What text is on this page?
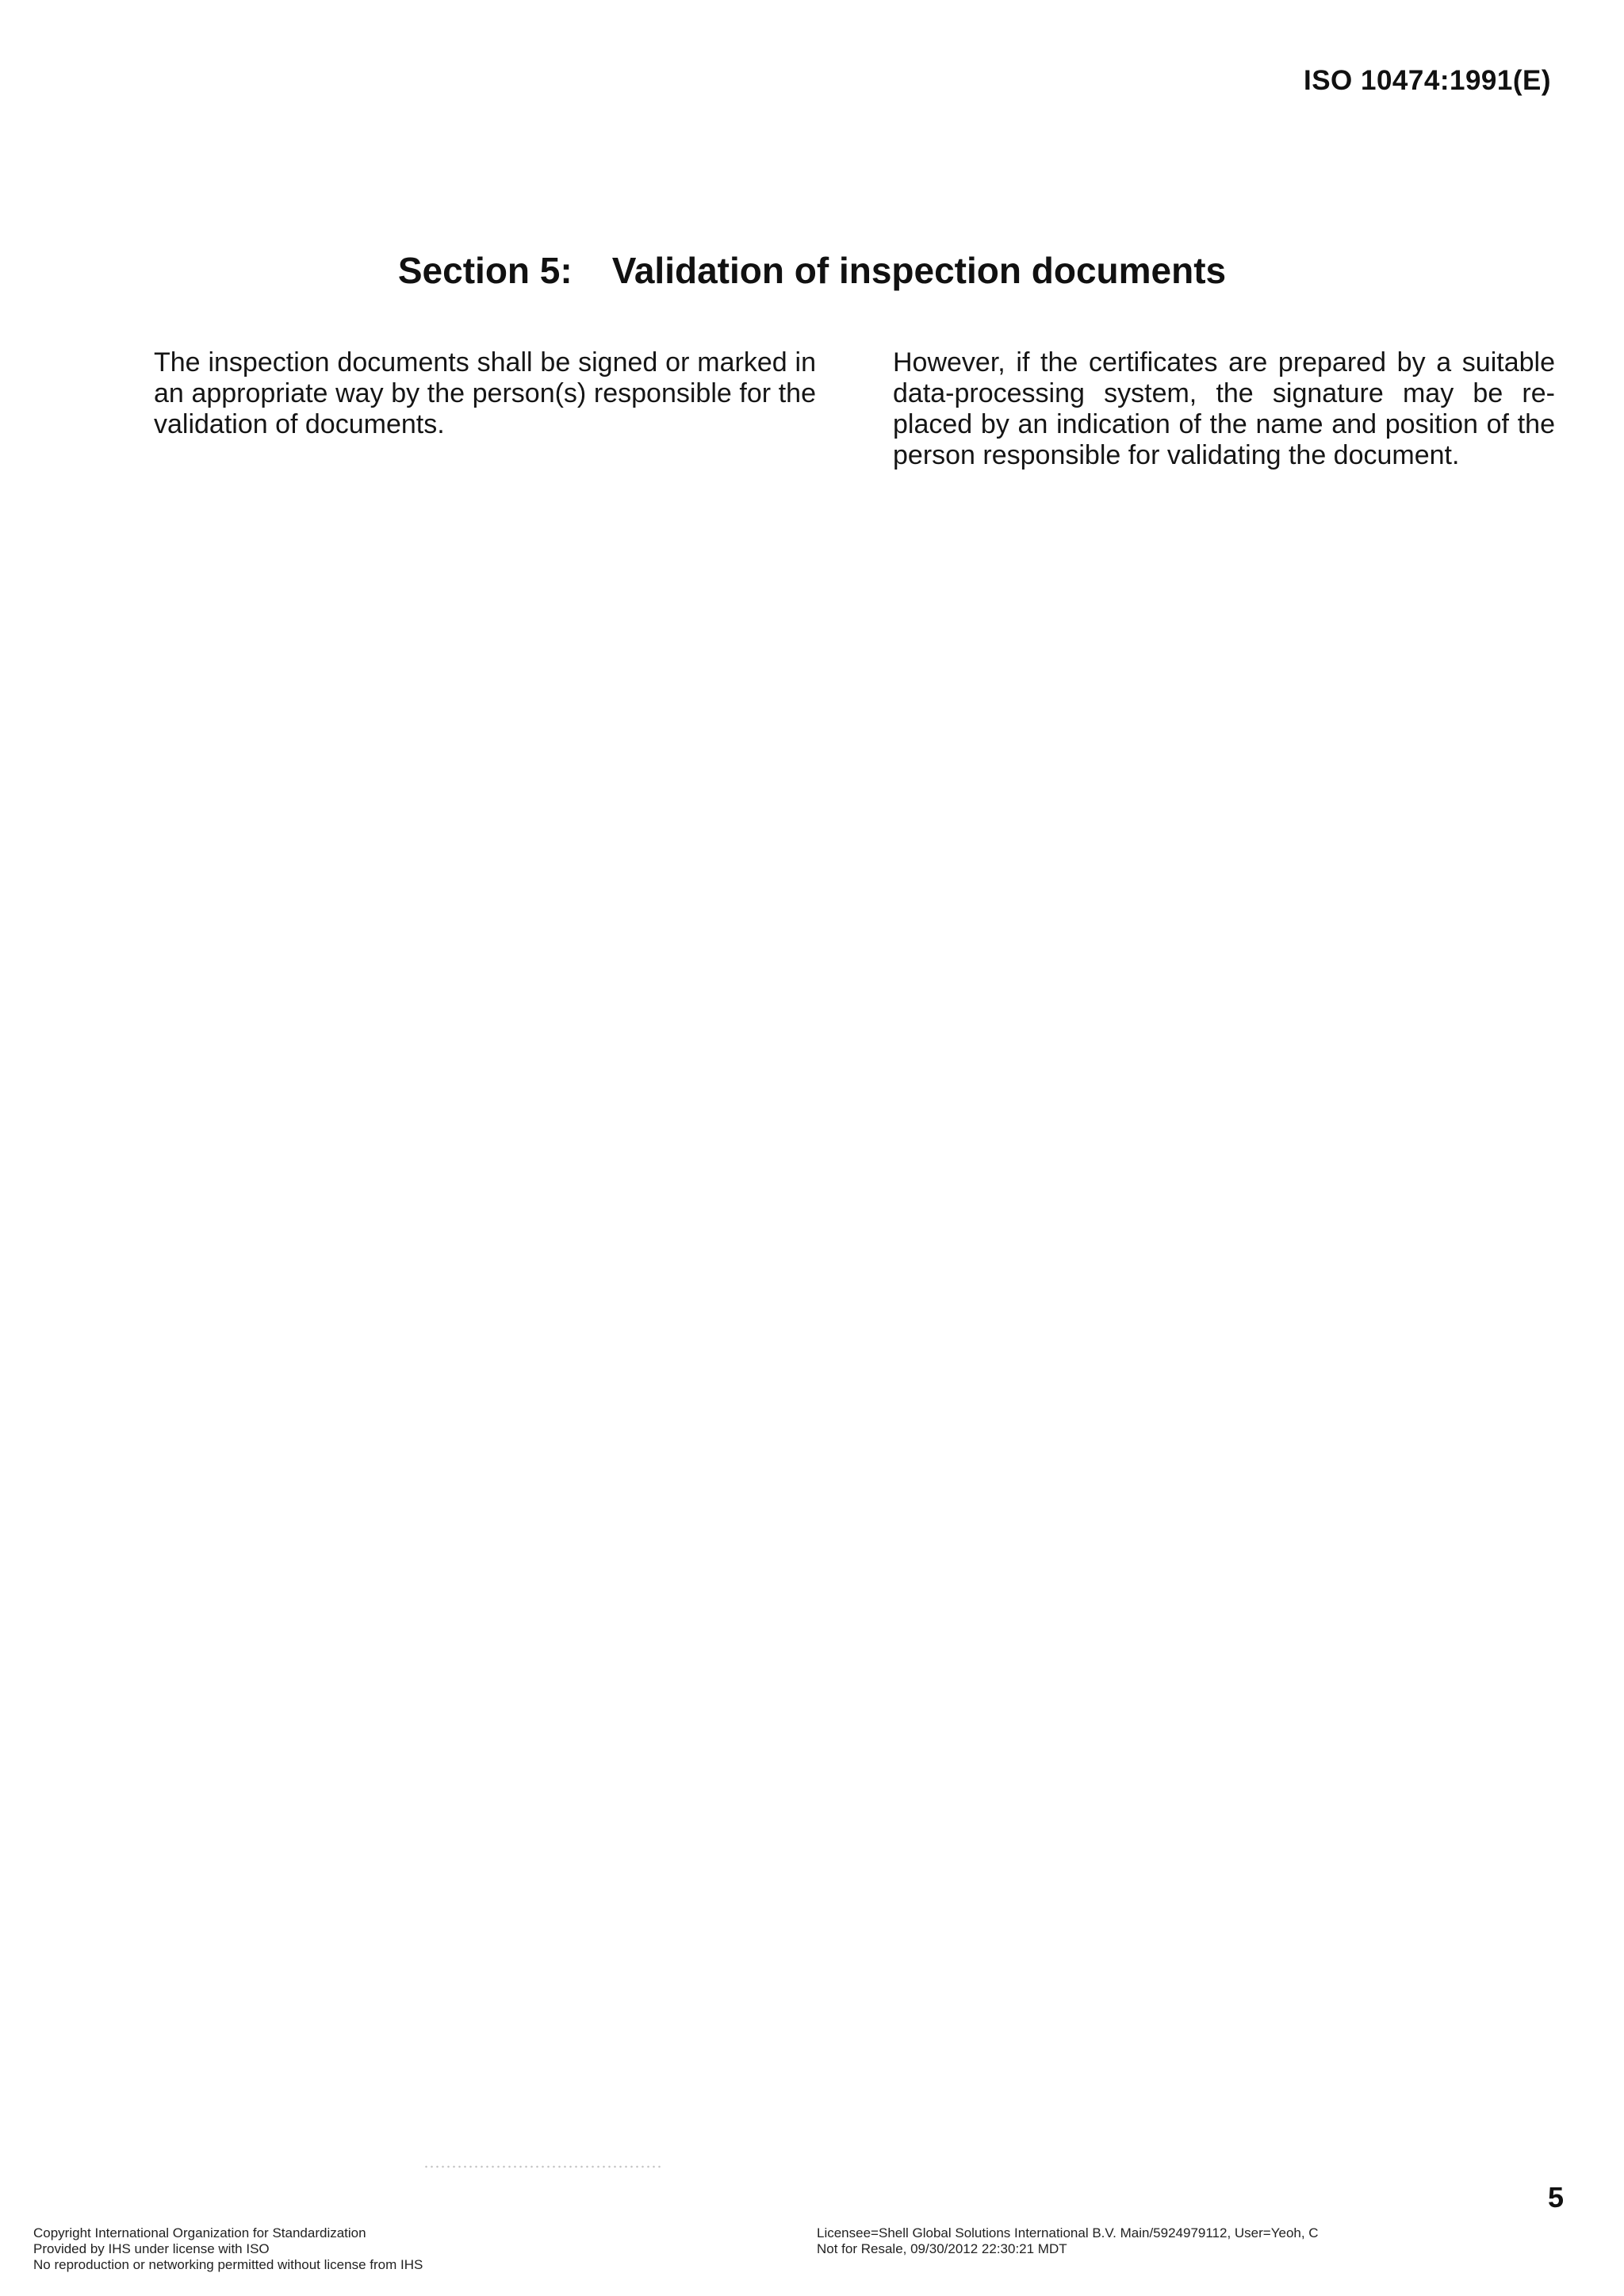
ISO 10474:1991(E)
Section 5: Validation of inspection documents
The inspection documents shall be signed or marked in an appropriate way by the person(s) responsible for the validation of documents.
However, if the certificates are prepared by a suitable data-processing system, the signature may be replaced by an indication of the name and position of the person responsible for validating the document.
5
Copyright International Organization for Standardization
Provided by IHS under license with ISO
No reproduction or networking permitted without license from IHS
Licensee=Shell Global Solutions International B.V. Main/5924979112, User=Yeoh, C
Not for Resale, 09/30/2012 22:30:21 MDT
